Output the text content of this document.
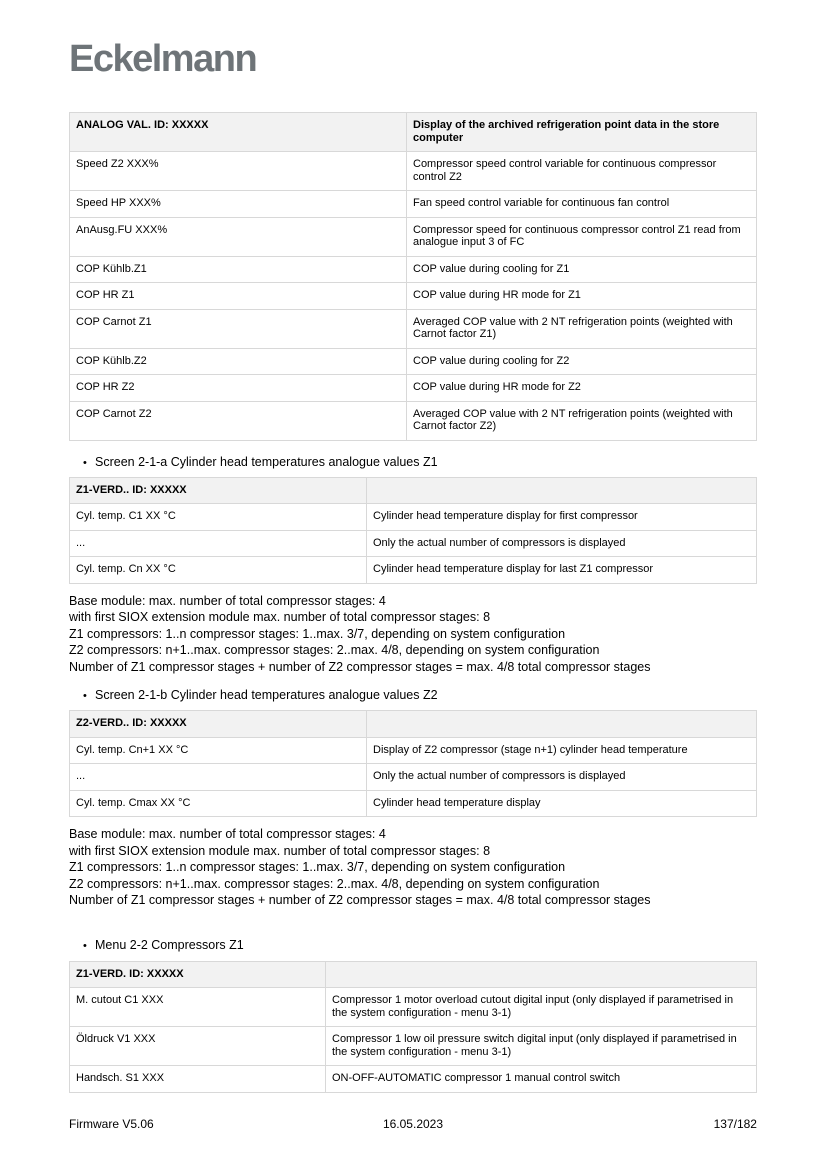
Eckelmann
ANALOG VAL. ID: XXXXX	Display of the archived refrigeration point data in the store computer
Speed Z2 XXX%	Compressor speed control variable for continuous compressor control Z2
Speed HP XXX%	Fan speed control variable for continuous fan control
AnAusg.FU XXX%	Compressor speed for continuous compressor control Z1 read from analogue input 3 of FC
COP Kühlb.Z1	COP value during cooling for Z1
COP HR Z1	COP value during HR mode for Z1
COP Carnot Z1	Averaged COP value with 2 NT refrigeration points (weighted with Carnot factor Z1)
COP Kühlb.Z2	COP value during cooling for Z2
COP HR Z2	COP value during HR mode for Z2
COP Carnot Z2	Averaged COP value with 2 NT refrigeration points (weighted with Carnot factor Z2)
• Screen 2-1-a Cylinder head temperatures analogue values Z1
Z1-VERD.. ID: XXXXX	
Cyl. temp. C1 XX °C	Cylinder head temperature display for first compressor
...	Only the actual number of compressors is displayed
Cyl. temp. Cn XX °C	Cylinder head temperature display for last Z1 compressor
Base module: max. number of total compressor stages: 4
with first SIOX extension module max. number of total compressor stages: 8
Z1 compressors: 1..n compressor stages: 1..max. 3/7, depending on system configuration
Z2 compressors: n+1..max. compressor stages: 2..max. 4/8, depending on system configuration
Number of Z1 compressor stages + number of Z2 compressor stages = max. 4/8 total compressor stages
• Screen 2-1-b Cylinder head temperatures analogue values Z2
Z2-VERD.. ID: XXXXX	
Cyl. temp. Cn+1 XX °C	Display of Z2 compressor (stage n+1) cylinder head temperature
...	Only the actual number of compressors is displayed
Cyl. temp. Cmax XX °C	Cylinder head temperature display
Base module: max. number of total compressor stages: 4
with first SIOX extension module max. number of total compressor stages: 8
Z1 compressors: 1..n compressor stages: 1..max. 3/7, depending on system configuration
Z2 compressors: n+1..max. compressor stages: 2..max. 4/8, depending on system configuration
Number of Z1 compressor stages + number of Z2 compressor stages = max. 4/8 total compressor stages
• Menu 2-2 Compressors Z1
Z1-VERD. ID: XXXXX	
M. cutout C1 XXX	Compressor 1 motor overload cutout digital input (only displayed if parametrised in the system configuration - menu 3-1)
Öldruck V1 XXX	Compressor 1 low oil pressure switch digital input (only displayed if parametrised in the system configuration - menu 3-1)
Handsch. S1 XXX	ON-OFF-AUTOMATIC compressor 1 manual control switch
Firmware V5.06	16.05.2023	137/182
